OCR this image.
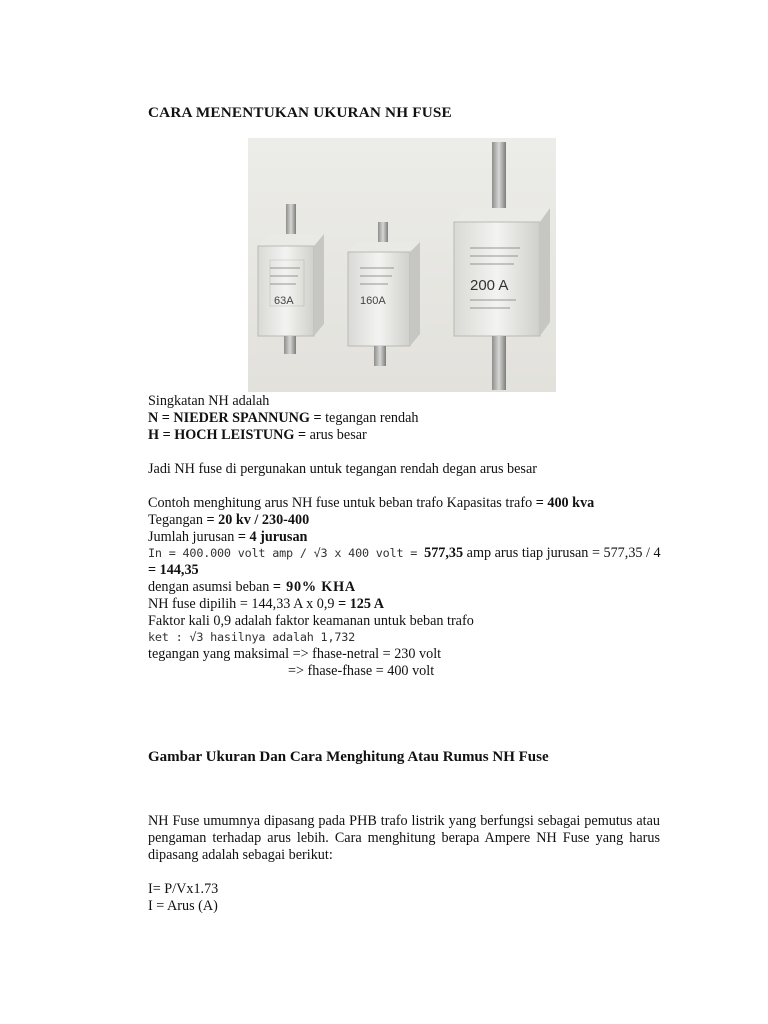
CARA MENENTUKAN UKURAN NH FUSE
63A	160A
200 A
Singkatan NH adalah
N = NIEDER SPANNUNG = tegangan rendah
H = HOCH LEISTUNG = arus besar
Jadi NH fuse di pergunakan untuk tegangan rendah degan arus besar
Contoh menghitung arus NH fuse untuk beban trafo Kapasitas trafo = 400 kva
Tegangan = 20 kv / 230-400
Jumlah jurusan = 4 jurusan
In = 400.000 volt amp / √3 x 400 volt = 577,35 amp arus tiap jurusan = 577,35 / 4
= 144,35
dengan asumsi beban = 90% KHA
NH fuse dipilih = 144,33 A x 0,9 = 125 A
Faktor kali 0,9 adalah faktor keamanan untuk beban trafo
ket : √3 hasilnya adalah 1,732
tegangan yang maksimal => fhase-netral = 230 volt
=> fhase-fhase = 400 volt
Gambar Ukuran Dan Cara Menghitung Atau Rumus NH Fuse
NH Fuse umumnya dipasang pada PHB trafo listrik yang berfungsi sebagai pemutus atau pengaman terhadap arus lebih. Cara menghitung berapa Ampere NH Fuse yang harus dipasang adalah sebagai berikut:
I= P/Vx1.73
I = Arus (A)
